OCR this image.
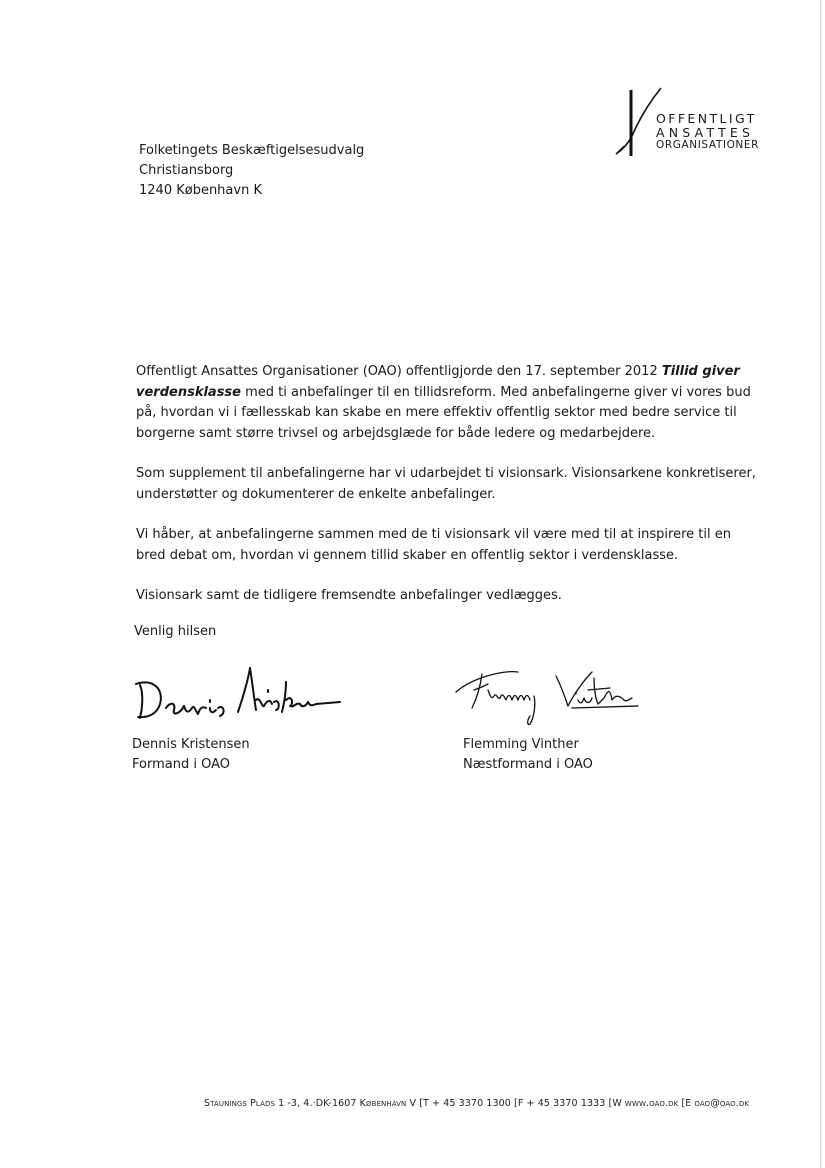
OFFENTLIGT
ANSATTES
ORGANISATIONER
Folketingets Beskæftigelsesudvalg
Christiansborg
1240 København K

Offentligt Ansattes Organisationer (OAO) offentligjorde den 17. september 2012 Tillid giver verdensklasse med ti anbefalinger til en tillidsreform. Med anbefalingerne giver vi vores bud på, hvordan vi i fællesskab kan skabe en mere effektiv offentlig sektor med bedre service til borgerne samt større trivsel og arbejdsglæde for både ledere og medarbejdere.

Som supplement til anbefalingerne har vi udarbejdet ti visionsark. Visionsarkene konkretiserer, understøtter og dokumenterer de enkelte anbefalinger.

Vi håber, at anbefalingerne sammen med de ti visionsark vil være med til at inspirere til en bred debat om, hvordan vi gennem tillid skaber en offentlig sektor i verdensklasse.

Visionsark samt de tidligere fremsendte anbefalinger vedlægges.

Venlig hilsen
Dennis Kristensen
Formand i OAO
Flemming Vinther
Næstformand i OAO
Staunings Plads 1 -3, 4.·DK-1607 København V [T + 45 3370 1300 [F + 45 3370 1333 [W www.oao.dk [E oao@oao.dk
